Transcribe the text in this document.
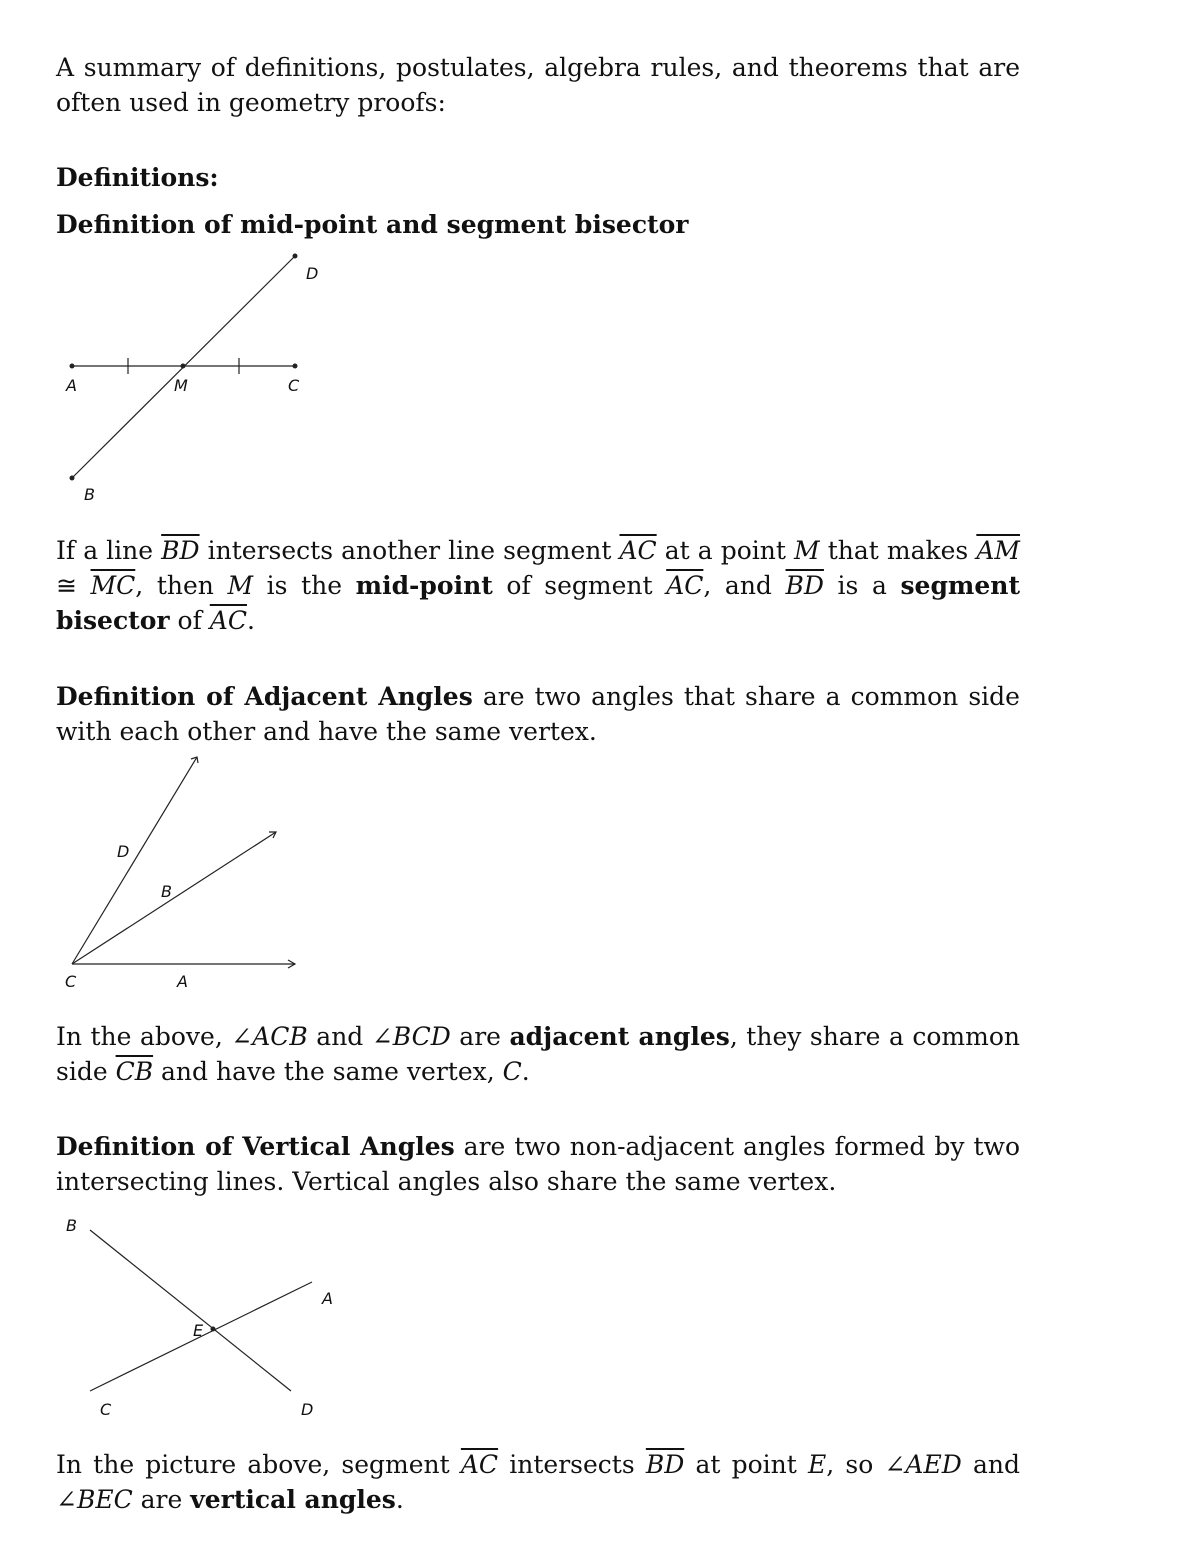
A summary of definitions, postulates, algebra rules, and theorems that are often used in geometry proofs:
Definitions:
Definition of mid-point and segment bisector
A	M	C
D
B
If a line $\overline{BD}$ intersects another line segment $\overline{AC}$ at a point M that makes $\overline{AM}$ ≅ $\overline{MC}$, then M is the mid-point of segment $\overline{AC}$, and $\overline{BD}$ is a segment bisector of $\overline{AC}$.
Definition of Adjacent Angles are two angles that share a common side with each other and have the same vertex.
D
B
C	A
In the above, ∠ACB and ∠BCD are adjacent angles, they share a common side $\overline{CB}$ and have the same vertex, C.
Definition of Vertical Angles are two non-adjacent angles formed by two intersecting lines. Vertical angles also share the same vertex.
B
A
E
C	D
In the picture above, segment $\overline{AC}$ intersects $\overline{BD}$ at point E, so ∠AED and ∠BEC are vertical angles.
